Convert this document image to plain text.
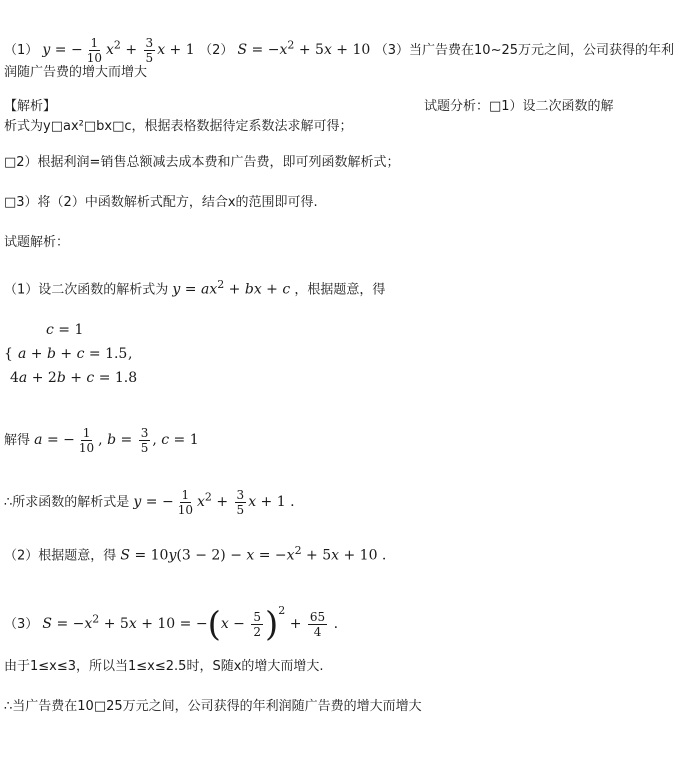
（1） y = − $\frac{1}{10} x^2 + \frac{3}{5}$ x + 1 （2） $S = -x^2 + 5x + 10$ （3）当广告费在10~25万元之间，公司获得的年利
润随广告费的增大而增大
【解析】	试题分析：□1）设二次函数的解
析式为y□ax²□bx□c，根据表格数据待定系数法求解可得；
□2）根据利润=销售总额减去成本费和广告费，即可列函数解析式；
□3）将（2）中函数解析式配方，结合x的范围即可得.
试题解析：
（1）设二次函数的解析式为 $y = ax^2$ + bx + c ，根据题意，得
c = 1
{ a + b + c = 1.5 ,
4a + 2b + c = 1.8
解得 a = − $\frac{1}{10}$ , $b = \frac{3}{5}$ , c = 1
∴所求函数的解析式是 y = − $\frac{1}{10} x^2 + \frac{3}{5}$ x + 1 .
（2）根据题意，得 $S = 10y(3 - 2) - x = -x^2 + 5x + 10$ .
（3） $S = -x^2 + 5x + 10 = -(x - \frac{5}{2} )^2 + \frac{65}{4}$ .
由于1≤x≤3，所以当1≤x≤2.5时，S随x的增大而增大.
∴当广告费在10□25万元之间，公司获得的年利润随广告费的增大而增大
